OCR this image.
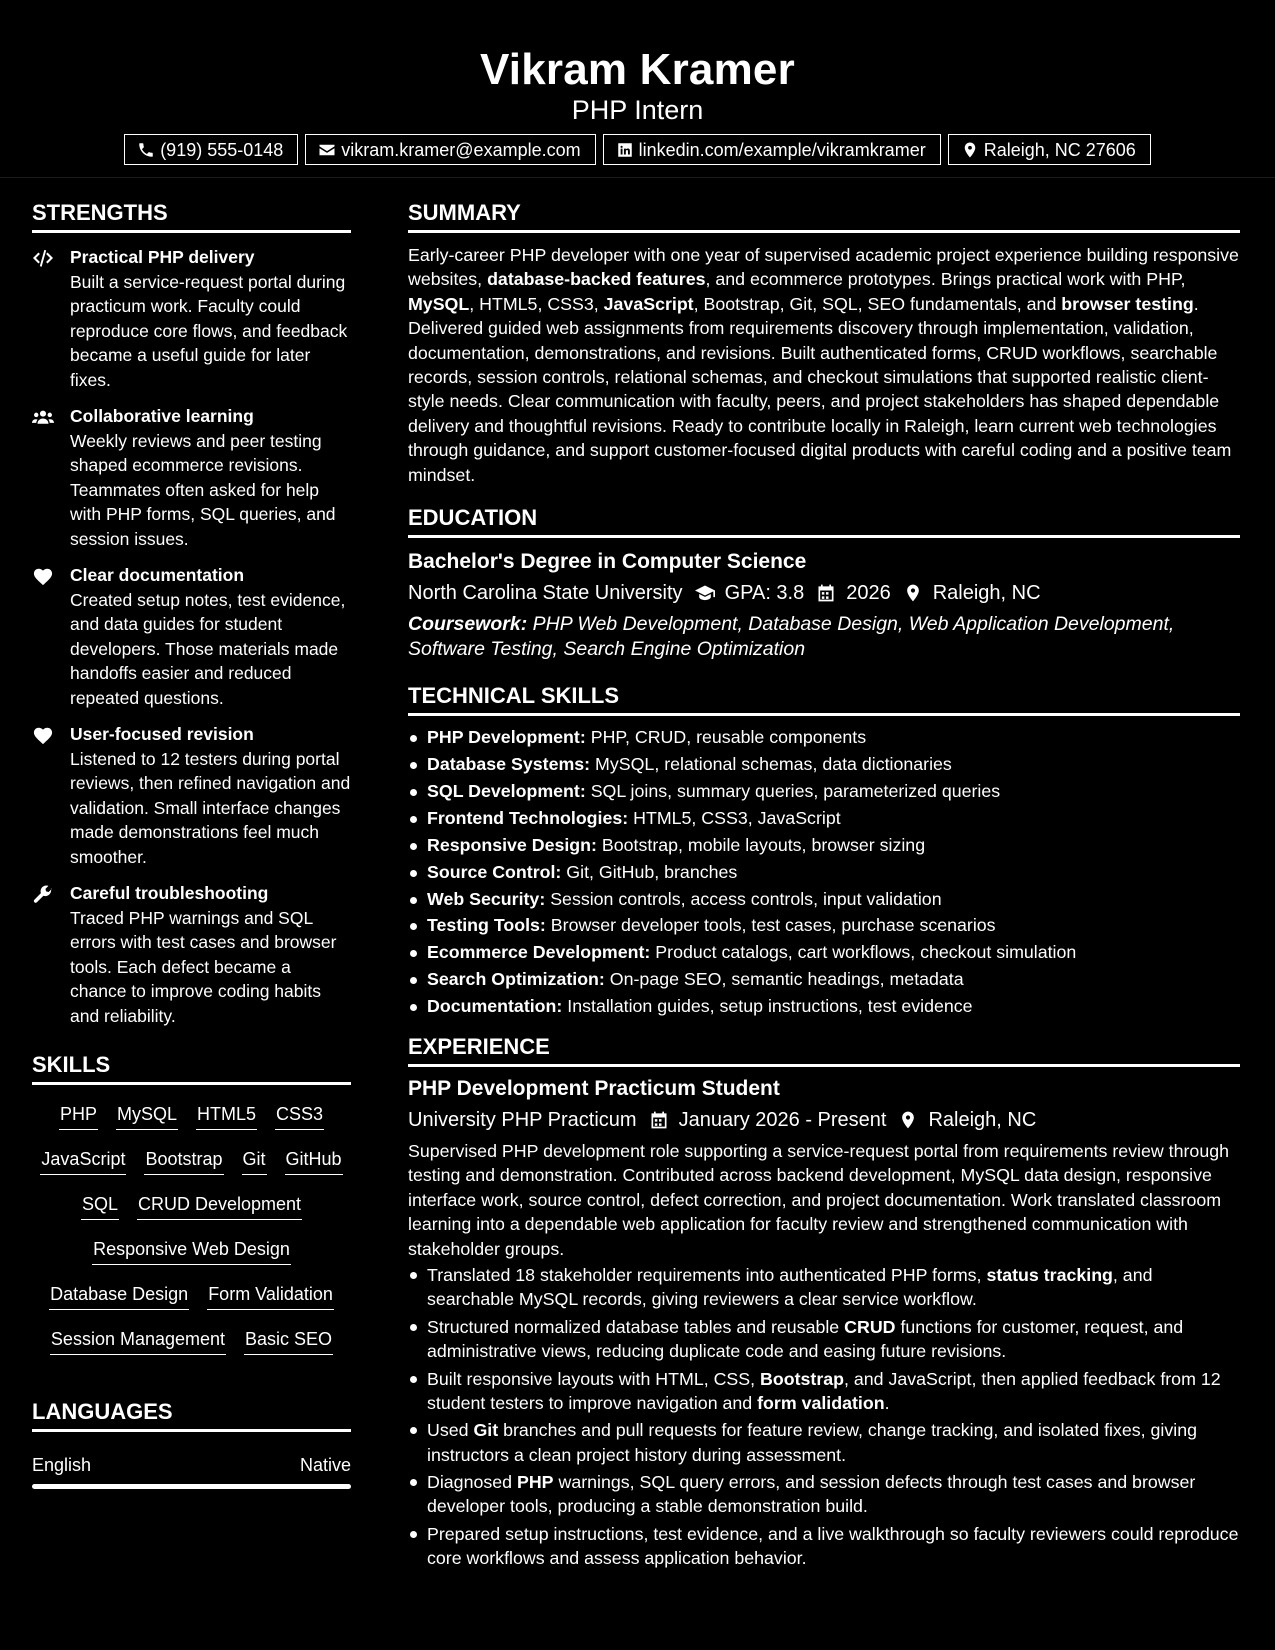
Vikram Kramer
PHP Intern
(919) 555-0148	vikram.kramer@example.com	linkedin.com/example/vikramkramer	Raleigh, NC 27606
STRENGTHS
Practical PHP delivery
Built a service-request portal during practicum work. Faculty could reproduce core flows, and feedback became a useful guide for later fixes.
Collaborative learning
Weekly reviews and peer testing shaped ecommerce revisions. Teammates often asked for help with PHP forms, SQL queries, and session issues.
Clear documentation
Created setup notes, test evidence, and data guides for student developers. Those materials made handoffs easier and reduced repeated questions.
User-focused revision
Listened to 12 testers during portal reviews, then refined navigation and validation. Small interface changes made demonstrations feel much smoother.
Careful troubleshooting
Traced PHP warnings and SQL errors with test cases and browser tools. Each defect became a chance to improve coding habits and reliability.
SKILLS
PHP MySQL HTML5 CSS3
JavaScript Bootstrap Git GitHub
SQL CRUD Development
Responsive Web Design
Database Design Form Validation
Session Management Basic SEO
LANGUAGES
English	Native
SUMMARY
Early-career PHP developer with one year of supervised academic project experience building responsive websites, database-backed features, and ecommerce prototypes. Brings practical work with PHP, MySQL, HTML5, CSS3, JavaScript, Bootstrap, Git, SQL, SEO fundamentals, and browser testing. Delivered guided web assignments from requirements discovery through implementation, validation, documentation, demonstrations, and revisions. Built authenticated forms, CRUD workflows, searchable records, session controls, relational schemas, and checkout simulations that supported realistic client-style needs. Clear communication with faculty, peers, and project stakeholders has shaped dependable delivery and thoughtful revisions. Ready to contribute locally in Raleigh, learn current web technologies through guidance, and support customer-focused digital products with careful coding and a positive team mindset.
EDUCATION
Bachelor's Degree in Computer Science
North Carolina State University GPA: 3.8 2026 Raleigh, NC
Coursework: PHP Web Development, Database Design, Web Application Development, Software Testing, Search Engine Optimization
TECHNICAL SKILLS
PHP Development: PHP, CRUD, reusable components
Database Systems: MySQL, relational schemas, data dictionaries
SQL Development: SQL joins, summary queries, parameterized queries
Frontend Technologies: HTML5, CSS3, JavaScript
Responsive Design: Bootstrap, mobile layouts, browser sizing
Source Control: Git, GitHub, branches
Web Security: Session controls, access controls, input validation
Testing Tools: Browser developer tools, test cases, purchase scenarios
Ecommerce Development: Product catalogs, cart workflows, checkout simulation
Search Optimization: On-page SEO, semantic headings, metadata
Documentation: Installation guides, setup instructions, test evidence
EXPERIENCE
PHP Development Practicum Student
University PHP Practicum January 2026 - Present Raleigh, NC
Supervised PHP development role supporting a service-request portal from requirements review through testing and demonstration. Contributed across backend development, MySQL data design, responsive interface work, source control, defect correction, and project documentation. Work translated classroom learning into a dependable web application for faculty review and strengthened communication with stakeholder groups.
Translated 18 stakeholder requirements into authenticated PHP forms, status tracking, and searchable MySQL records, giving reviewers a clear service workflow.
Structured normalized database tables and reusable CRUD functions for customer, request, and administrative views, reducing duplicate code and easing future revisions.
Built responsive layouts with HTML, CSS, Bootstrap, and JavaScript, then applied feedback from 12 student testers to improve navigation and form validation.
Used Git branches and pull requests for feature review, change tracking, and isolated fixes, giving instructors a clean project history during assessment.
Diagnosed PHP warnings, SQL query errors, and session defects through test cases and browser developer tools, producing a stable demonstration build.
Prepared setup instructions, test evidence, and a live walkthrough so faculty reviewers could reproduce core workflows and assess application behavior.
